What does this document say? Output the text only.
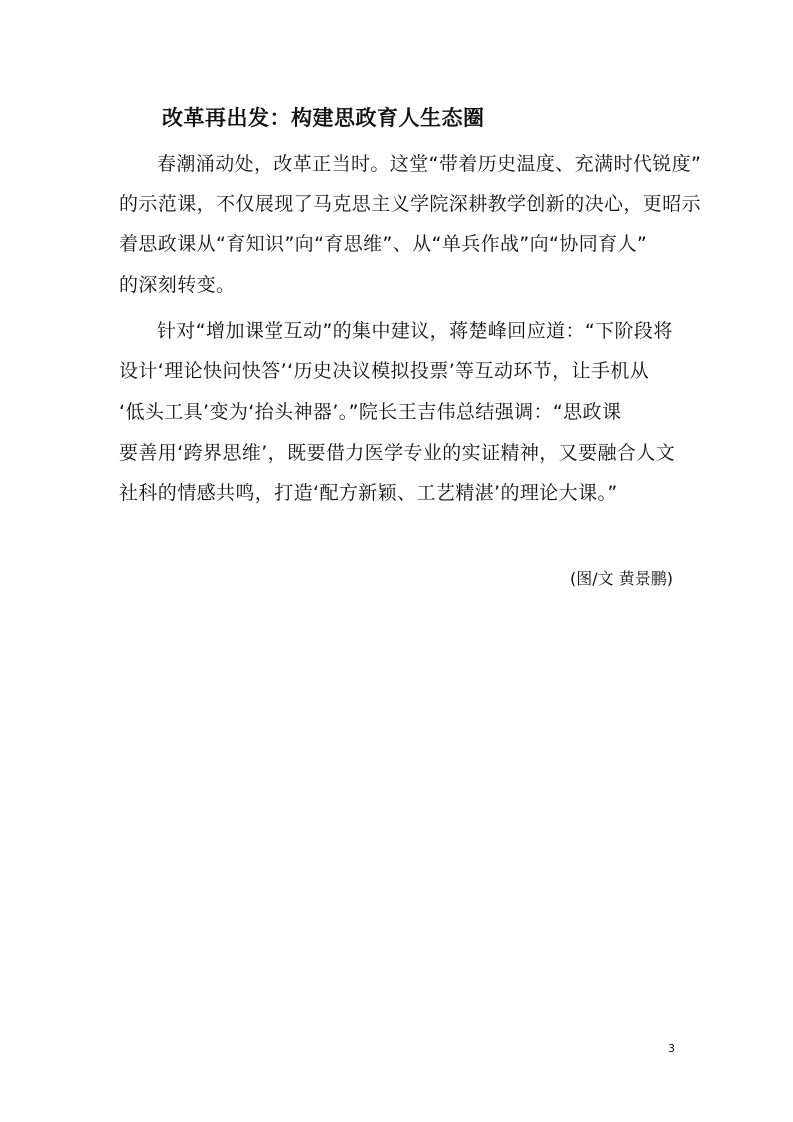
改革再出发：构建思政育人生态圈

春潮涌动处，改革正当时。这堂“带着历史温度、充满时代锐度”

的示范课，不仅展现了马克思主义学院深耕教学创新的决心，更昭示

着思政课从“育知识”向“育思维”、从“单兵作战”向“协同育人”

的深刻转变。

针对“增加课堂互动”的集中建议，蒋楚峰回应道：“下阶段将

设计‘理论快问快答’‘历史决议模拟投票’等互动环节，让手机从

‘低头工具’变为‘抬头神器’。”院长王吉伟总结强调：“思政课

要善用‘跨界思维’，既要借力医学专业的实证精神，又要融合人文

社科的情感共鸣，打造‘配方新颖、工艺精湛’的理论大课。”

(图/文 黄景鹏)
3
